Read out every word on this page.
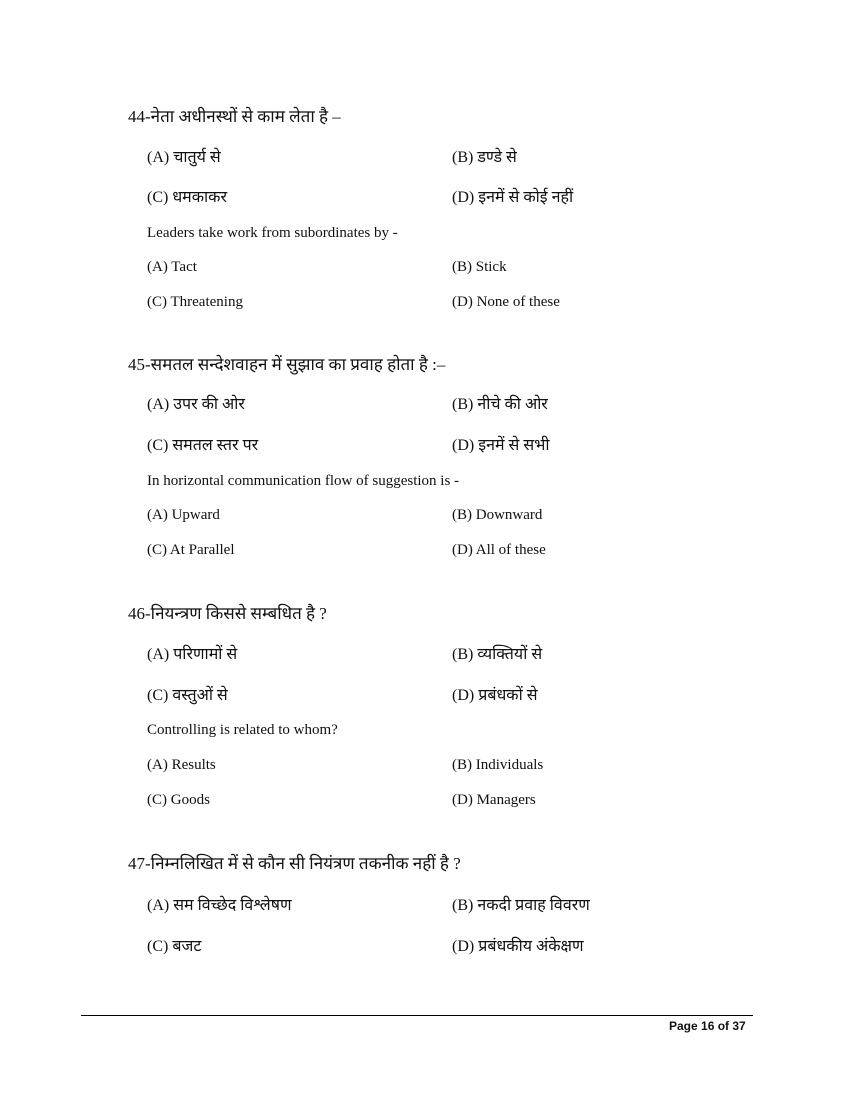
44-नेता अधीनस्थों से काम लेता है –
(A) चातुर्य से	(B) डण्डे से
(C) धमकाकर	(D) इनमें से कोई नहीं
Leaders take work from subordinates by -
(A) Tact	(B) Stick
(C) Threatening	(D) None of these
45-समतल सन्देशवाहन में सुझाव का प्रवाह होता है :–
(A) उपर की ओर	(B) नीचे की ओर
(C) समतल स्तर पर	(D) इनमें से सभी
In horizontal communication flow of suggestion is -
(A) Upward	(B) Downward
(C) At Parallel	(D) All of these
46-नियन्त्रण किससे सम्बधित है ?
(A) परिणामों से	(B) व्यक्तियों से
(C) वस्तुओं से	(D) प्रबंधकों से
Controlling is related to whom?
(A) Results	(B) Individuals
(C) Goods	(D) Managers
47-निम्नलिखित में से कौन सी नियंत्रण तकनीक नहीं है ?
(A) सम विच्छेद विश्लेषण	(B) नकदी प्रवाह विवरण
(C) बजट	(D) प्रबंधकीय अंकेक्षण
Page 16 of 37
